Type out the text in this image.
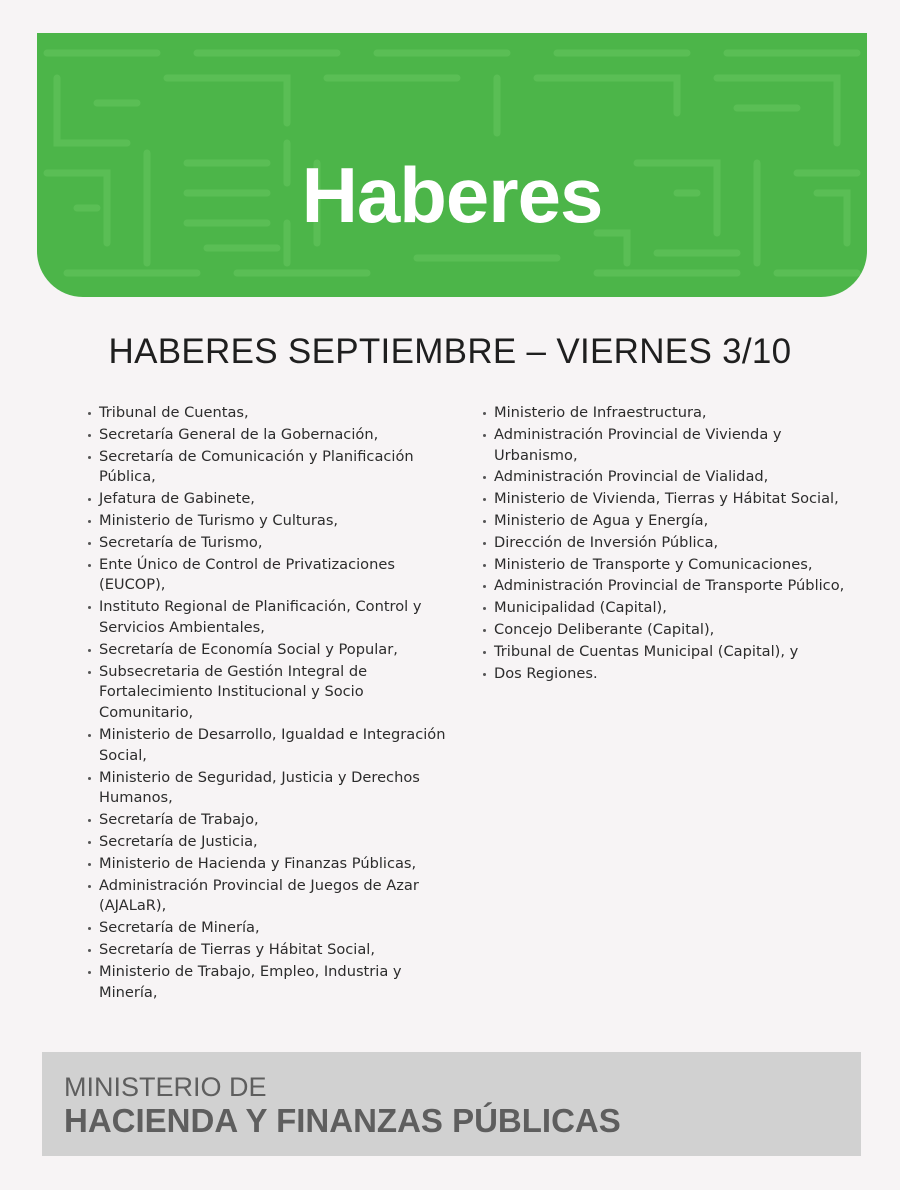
Haberes
HABERES SEPTIEMBRE – VIERNES 3/10
Tribunal de Cuentas,
Secretaría General de la Gobernación,
Secretaría de Comunicación y Planificación Pública,
Jefatura de Gabinete,
Ministerio de Turismo y Culturas,
Secretaría de Turismo,
Ente Único de Control de Privatizaciones (EUCOP),
Instituto Regional de Planificación, Control y Servicios Ambientales,
Secretaría de Economía Social y Popular,
Subsecretaria de Gestión Integral de Fortalecimiento Institucional y Socio Comunitario,
Ministerio de Desarrollo, Igualdad e Integración Social,
Ministerio de Seguridad, Justicia y Derechos Humanos,
Secretaría de Trabajo,
Secretaría de Justicia,
Ministerio de Hacienda y Finanzas Públicas,
Administración Provincial de Juegos de Azar (AJALaR),
Secretaría de Minería,
Secretaría de Tierras y Hábitat Social,
Ministerio de Trabajo, Empleo, Industria y Minería,
Ministerio de Infraestructura,
Administración Provincial de Vivienda y Urbanismo,
Administración Provincial de Vialidad,
Ministerio de Vivienda, Tierras y Hábitat Social,
Ministerio de Agua y Energía,
Dirección de Inversión Pública,
Ministerio de Transporte y Comunicaciones,
Administración Provincial de Transporte Público,
Municipalidad (Capital),
Concejo Deliberante (Capital),
Tribunal de Cuentas Municipal (Capital), y
Dos Regiones.
MINISTERIO DE
HACIENDA Y FINANZAS PÚBLICAS
